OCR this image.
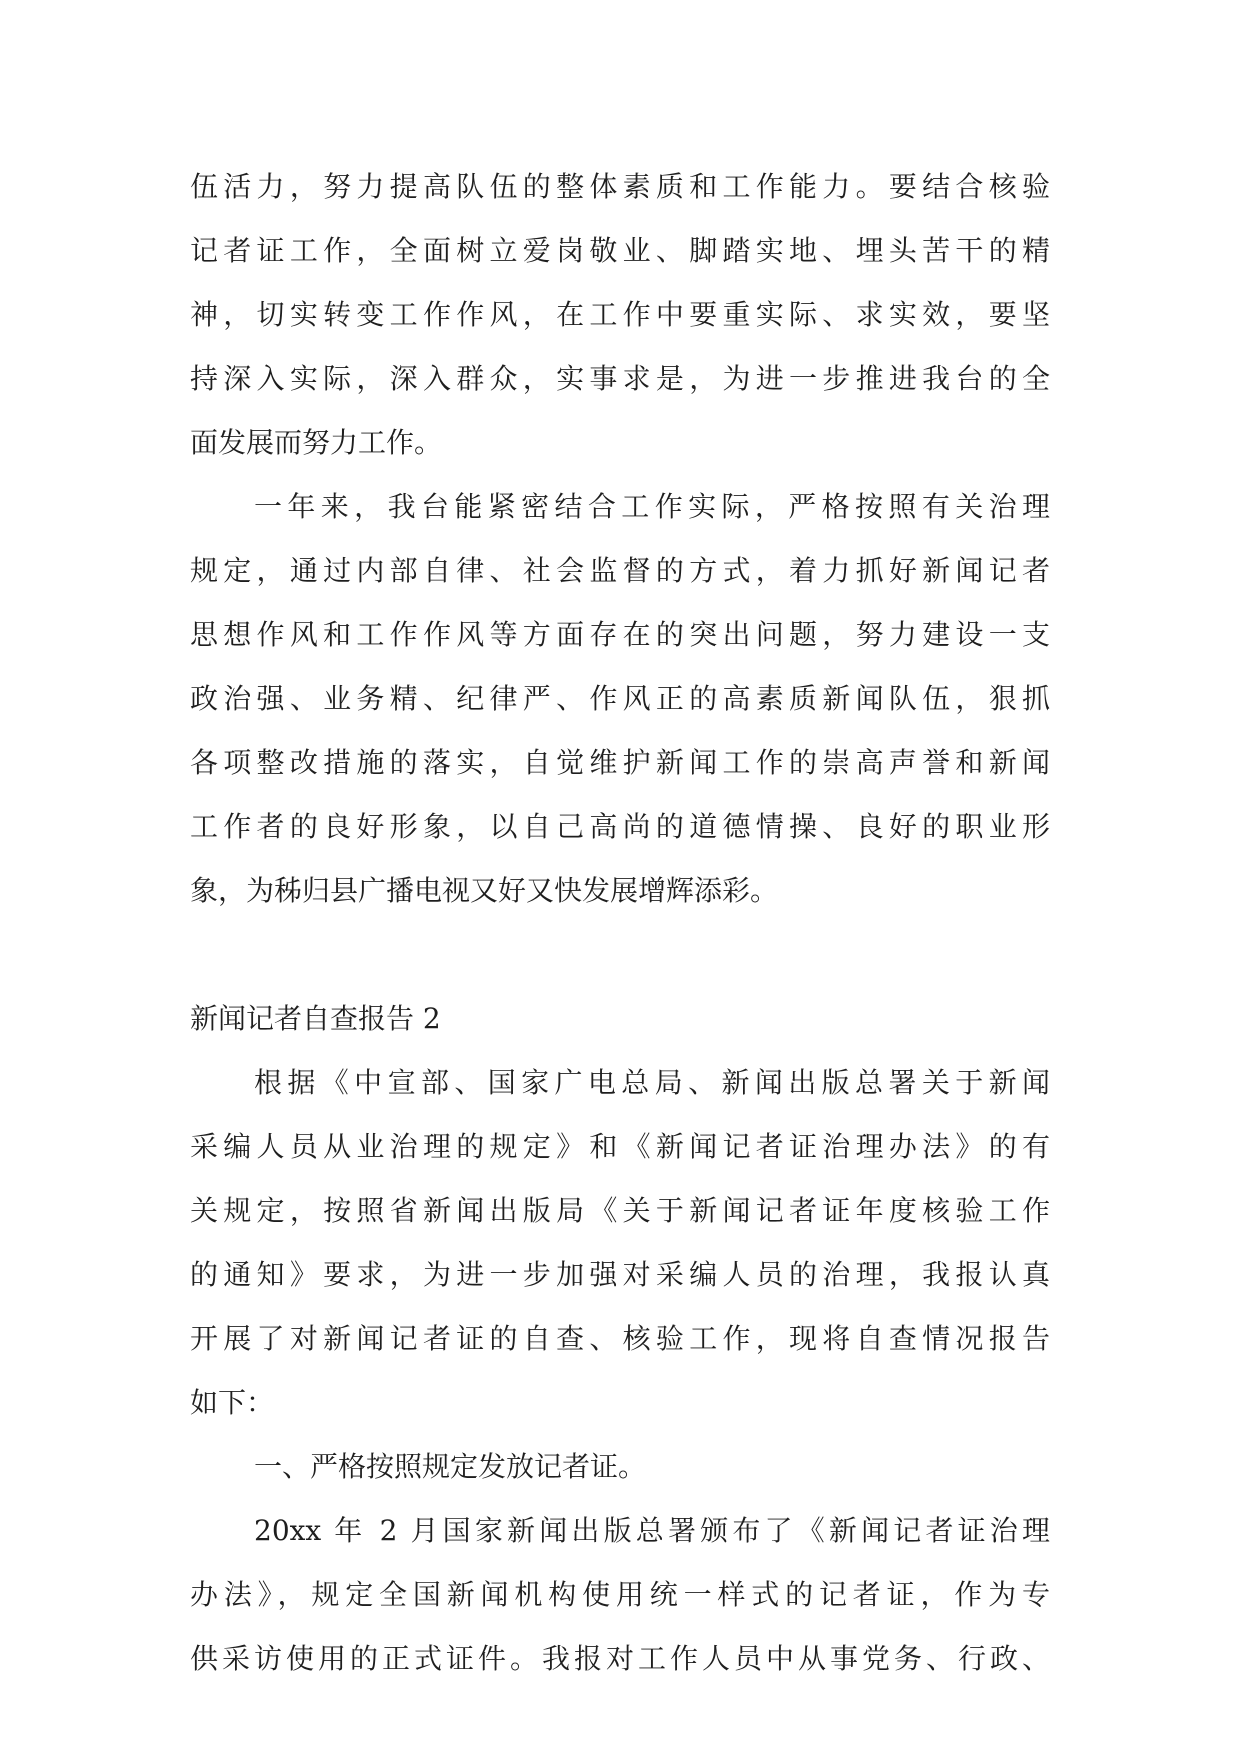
伍活力，努力提高队伍的整体素质和工作能力。要结合核验
记者证工作，全面树立爱岗敬业、脚踏实地、埋头苦干的精
神，切实转变工作作风，在工作中要重实际、求实效，要坚
持深入实际，深入群众，实事求是，为进一步推进我台的全
面发展而努力工作。
一年来，我台能紧密结合工作实际，严格按照有关治理
规定，通过内部自律、社会监督的方式，着力抓好新闻记者
思想作风和工作作风等方面存在的突出问题，努力建设一支
政治强、业务精、纪律严、作风正的高素质新闻队伍，狠抓
各项整改措施的落实，自觉维护新闻工作的崇高声誉和新闻
工作者的良好形象，以自己高尚的道德情操、良好的职业形
象，为秭归县广播电视又好又快发展增辉添彩。
新闻记者自查报告 2
根据《中宣部、国家广电总局、新闻出版总署关于新闻
采编人员从业治理的规定》和《新闻记者证治理办法》的有
关规定，按照省新闻出版局《关于新闻记者证年度核验工作
的通知》要求，为进一步加强对采编人员的治理，我报认真
开展了对新闻记者证的自查、核验工作，现将自查情况报告
如下：
一、严格按照规定发放记者证。
20xx 年 2 月国家新闻出版总署颁布了《新闻记者证治理
办法》，规定全国新闻机构使用统一样式的记者证，作为专
供采访使用的正式证件。我报对工作人员中从事党务、行政、
